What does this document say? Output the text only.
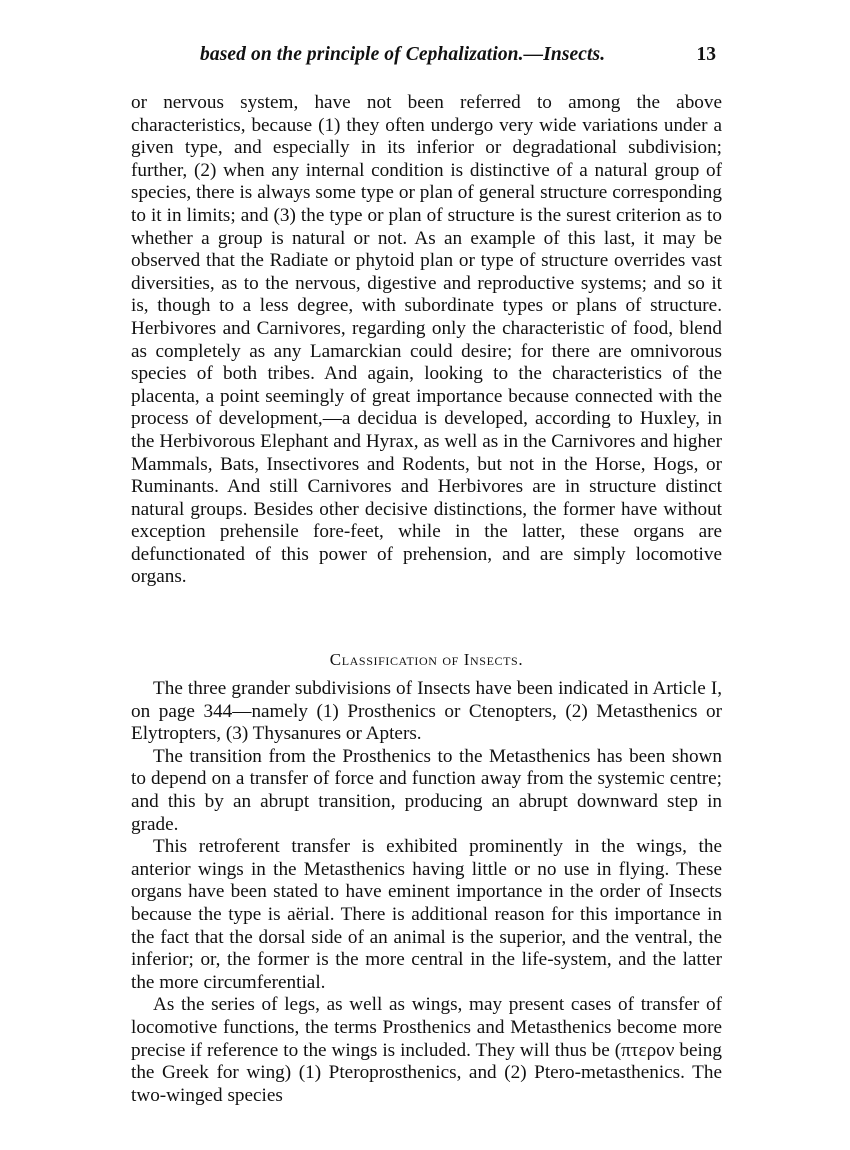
based on the principle of Cephalization.—Insects.	13

or nervous system, have not been referred to among the above characteristics, because (1) they often undergo very wide variations under a given type, and especially in its inferior or degradational subdivision; further, (2) when any internal condition is distinctive of a natural group of species, there is always some type or plan of general structure corresponding to it in limits; and (3) the type or plan of structure is the surest criterion as to whether a group is natural or not. As an example of this last, it may be observed that the Radiate or phytoid plan or type of structure overrides vast diversities, as to the nervous, digestive and reproductive systems; and so it is, though to a less degree, with subordinate types or plans of structure. Herbivores and Carnivores, regarding only the characteristic of food, blend as completely as any Lamarckian could desire; for there are omnivorous species of both tribes. And again, looking to the characteristics of the placenta, a point seemingly of great importance because connected with the process of development,—a decidua is developed, according to Huxley, in the Herbivorous Elephant and Hyrax, as well as in the Carnivores and higher Mammals, Bats, Insectivores and Rodents, but not in the Horse, Hogs, or Ruminants. And still Carnivores and Herbivores are in structure distinct natural groups. Besides other decisive distinctions, the former have without exception prehensile fore-feet, while in the latter, these organs are defunctionated of this power of prehension, and are simply locomotive organs.

Classification of Insects.

The three grander subdivisions of Insects have been indicated in Article I, on page 344—namely (1) Prosthenics or Ctenopters, (2) Metasthenics or Elytropters, (3) Thysanures or Apters.

The transition from the Prosthenics to the Metasthenics has been shown to depend on a transfer of force and function away from the systemic centre; and this by an abrupt transition, producing an abrupt downward step in grade.

This retroferent transfer is exhibited prominently in the wings, the anterior wings in the Metasthenics having little or no use in flying. These organs have been stated to have eminent importance in the order of Insects because the type is aërial. There is additional reason for this importance in the fact that the dorsal side of an animal is the superior, and the ventral, the inferior; or, the former is the more central in the life-system, and the latter the more circumferential.

As the series of legs, as well as wings, may present cases of transfer of locomotive functions, the terms Prosthenics and Metasthenics become more precise if reference to the wings is included. They will thus be (πτερον being the Greek for wing) (1) Pteroprosthenics, and (2) Ptero-metasthenics. The two-winged species
